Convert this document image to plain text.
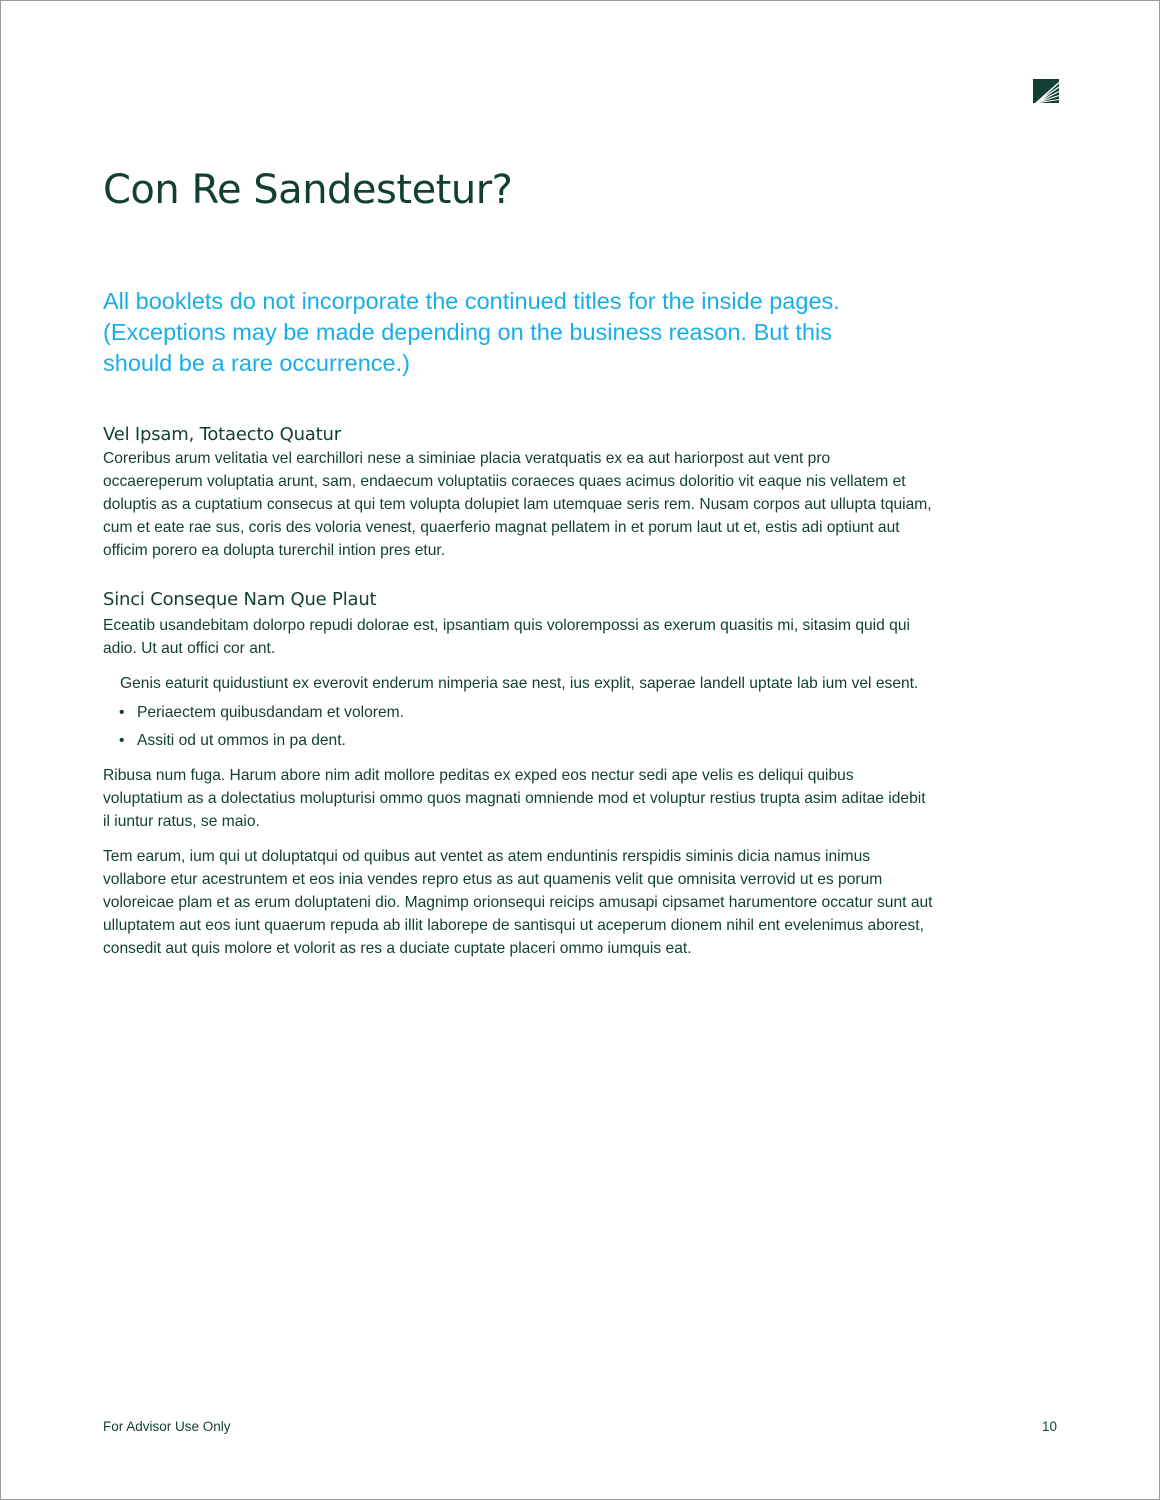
Con Re Sandestetur?

All booklets do not incorporate the continued titles for the inside pages. (Exceptions may be made depending on the business reason. But this should be a rare occurrence.)

Vel Ipsam, Totaecto Quatur

Coreribus arum velitatia vel earchillori nese a siminiae placia veratquatis ex ea aut hariorpost aut vent pro occaereperum voluptatia arunt, sam, endaecum voluptatiis coraeces quaes acimus doloritio vit eaque nis vellatem et doluptis as a cuptatium consecus at qui tem volupta dolupiet lam utemquae seris rem. Nusam corpos aut ullupta tquiam, cum et eate rae sus, coris des voloria venest, quaerferio magnat pellatem in et porum laut ut et, estis adi optiunt aut officim porero ea dolupta turerchil intion pres etur.

Sinci Conseque Nam Que Plaut

Eceatib usandebitam dolorpo repudi dolorae est, ipsantiam quis volorempossi as exerum quasitis mi, sitasim quid qui adio. Ut aut offici cor ant.

Genis eaturit quidustiunt ex everovit enderum nimperia sae nest, ius explit, saperae landell uptate lab ium vel esent.

• Periaectem quibusdandam et volorem.
• Assiti od ut ommos in pa dent.

Ribusa num fuga. Harum abore nim adit mollore peditas ex exped eos nectur sedi ape velis es deliqui quibus voluptatium as a dolectatius molupturisi ommo quos magnati omniende mod et voluptur restius trupta asim aditae idebit il iuntur ratus, se maio.

Tem earum, ium qui ut doluptatqui od quibus aut ventet as atem enduntinis rerspidis siminis dicia namus inimus vollabore etur acestruntem et eos inia vendes repro etus as aut quamenis velit que omnisita verrovid ut es porum voloreicae plam et as erum doluptateni dio. Magnimp orionsequi reicips amusapi cipsamet harumentore occatur sunt aut ulluptatem aut eos iunt quaerum repuda ab illit laborepe de santisqui ut aceperum dionem nihil ent evelenimus aborest, consedit aut quis molore et volorit as res a duciate cuptate placeri ommo iumquis eat.

For Advisor Use Only	10
